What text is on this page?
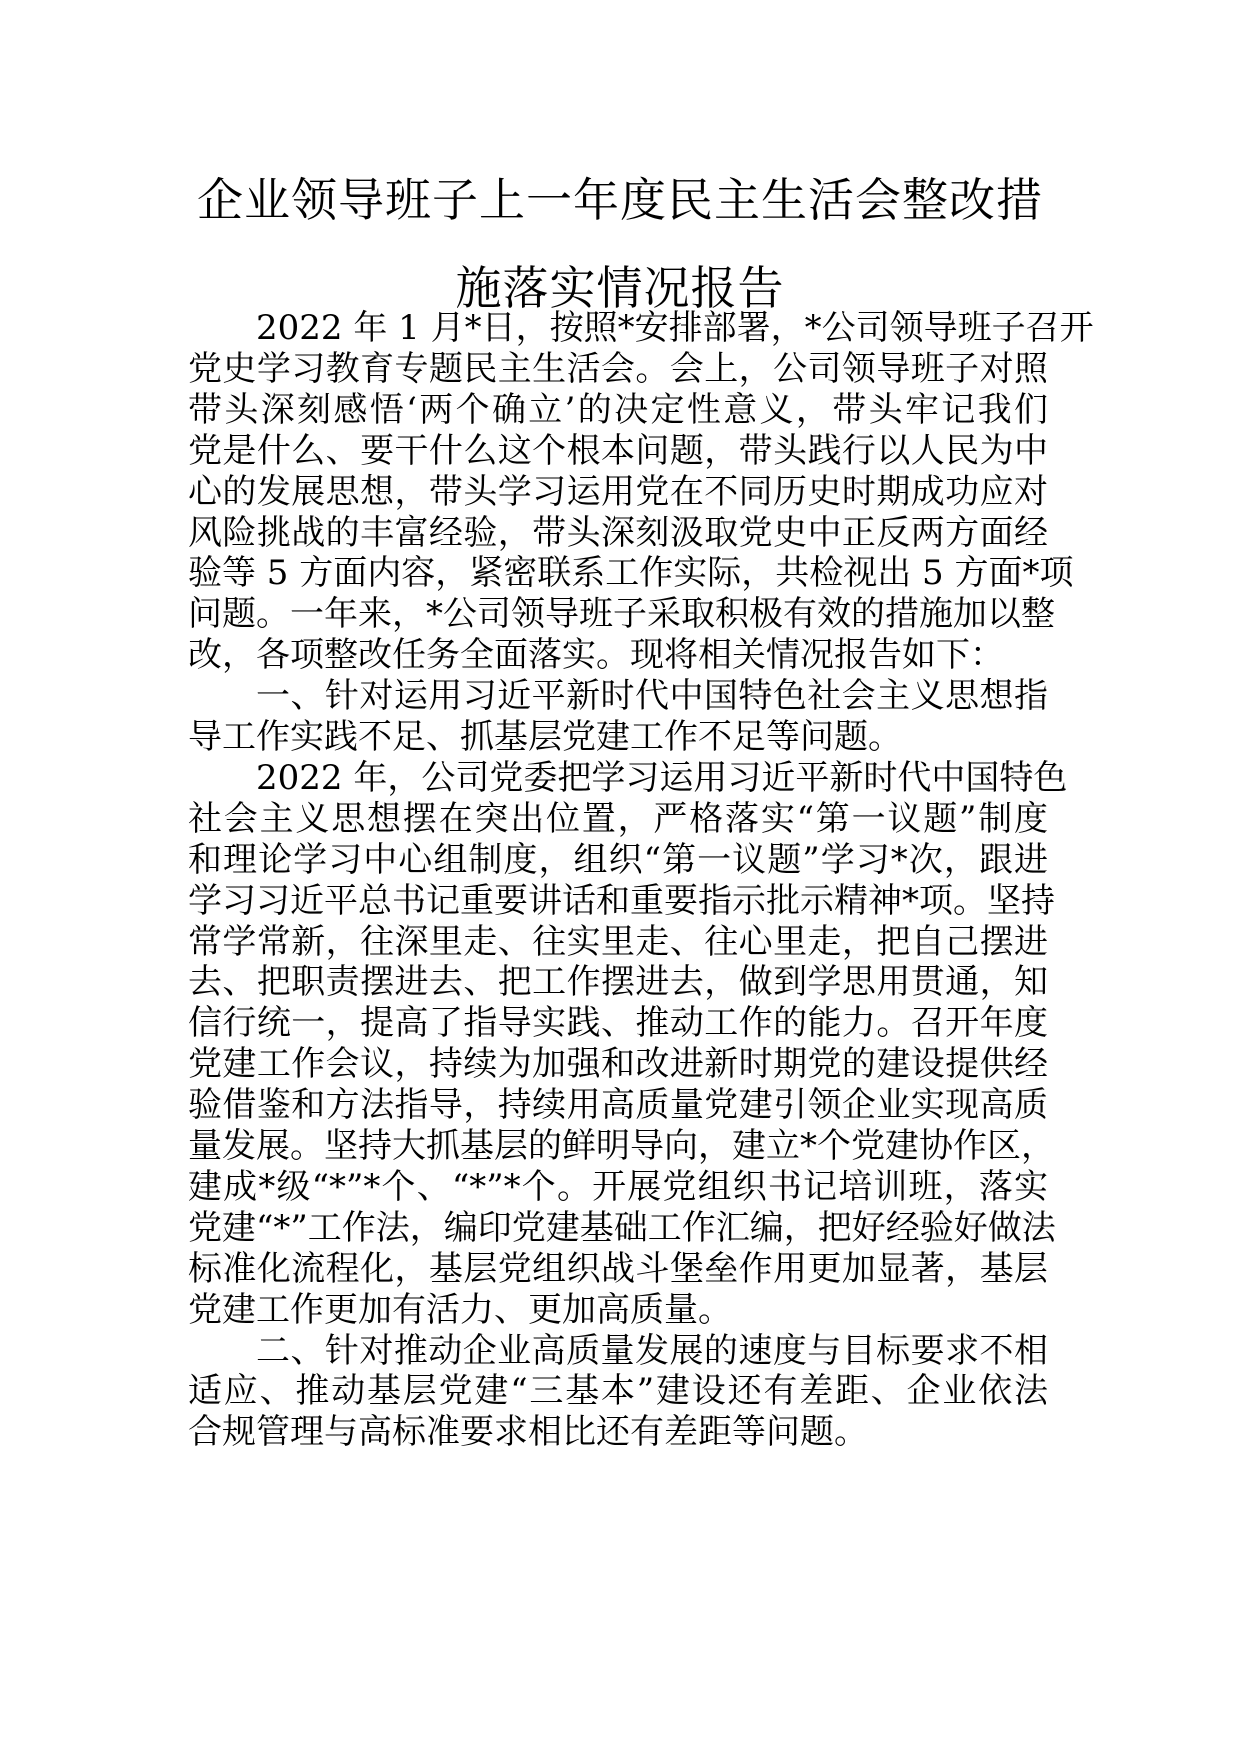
企业领导班子上一年度民主生活会整改措
施落实情况报告
2022 年 1 月*日，按照*安排部署，*公司领导班子召开
党史学习教育专题民主生活会。会上，公司领导班子对照
带头深刻感悟‘两个确立’的决定性意义，带头牢记我们
党是什么、要干什么这个根本问题，带头践行以人民为中
心的发展思想，带头学习运用党在不同历史时期成功应对
风险挑战的丰富经验，带头深刻汲取党史中正反两方面经
验等 5 方面内容，紧密联系工作实际，共检视出 5 方面*项
问题。一年来，*公司领导班子采取积极有效的措施加以整
改，各项整改任务全面落实。现将相关情况报告如下：
一、针对运用习近平新时代中国特色社会主义思想指
导工作实践不足、抓基层党建工作不足等问题。
2022 年，公司党委把学习运用习近平新时代中国特色
社会主义思想摆在突出位置，严格落实“第一议题”制度
和理论学习中心组制度，组织“第一议题”学习*次，跟进
学习习近平总书记重要讲话和重要指示批示精神*项。坚持
常学常新，往深里走、往实里走、往心里走，把自己摆进
去、把职责摆进去、把工作摆进去，做到学思用贯通，知
信行统一，提高了指导实践、推动工作的能力。召开年度
党建工作会议，持续为加强和改进新时期党的建设提供经
验借鉴和方法指导，持续用高质量党建引领企业实现高质
量发展。坚持大抓基层的鲜明导向，建立*个党建协作区，
建成*级“*”*个、“*”*个。开展党组织书记培训班，落实
党建“*”工作法，编印党建基础工作汇编，把好经验好做法
标准化流程化，基层党组织战斗堡垒作用更加显著，基层
党建工作更加有活力、更加高质量。
二、针对推动企业高质量发展的速度与目标要求不相
适应、推动基层党建“三基本”建设还有差距、企业依法
合规管理与高标准要求相比还有差距等问题。
